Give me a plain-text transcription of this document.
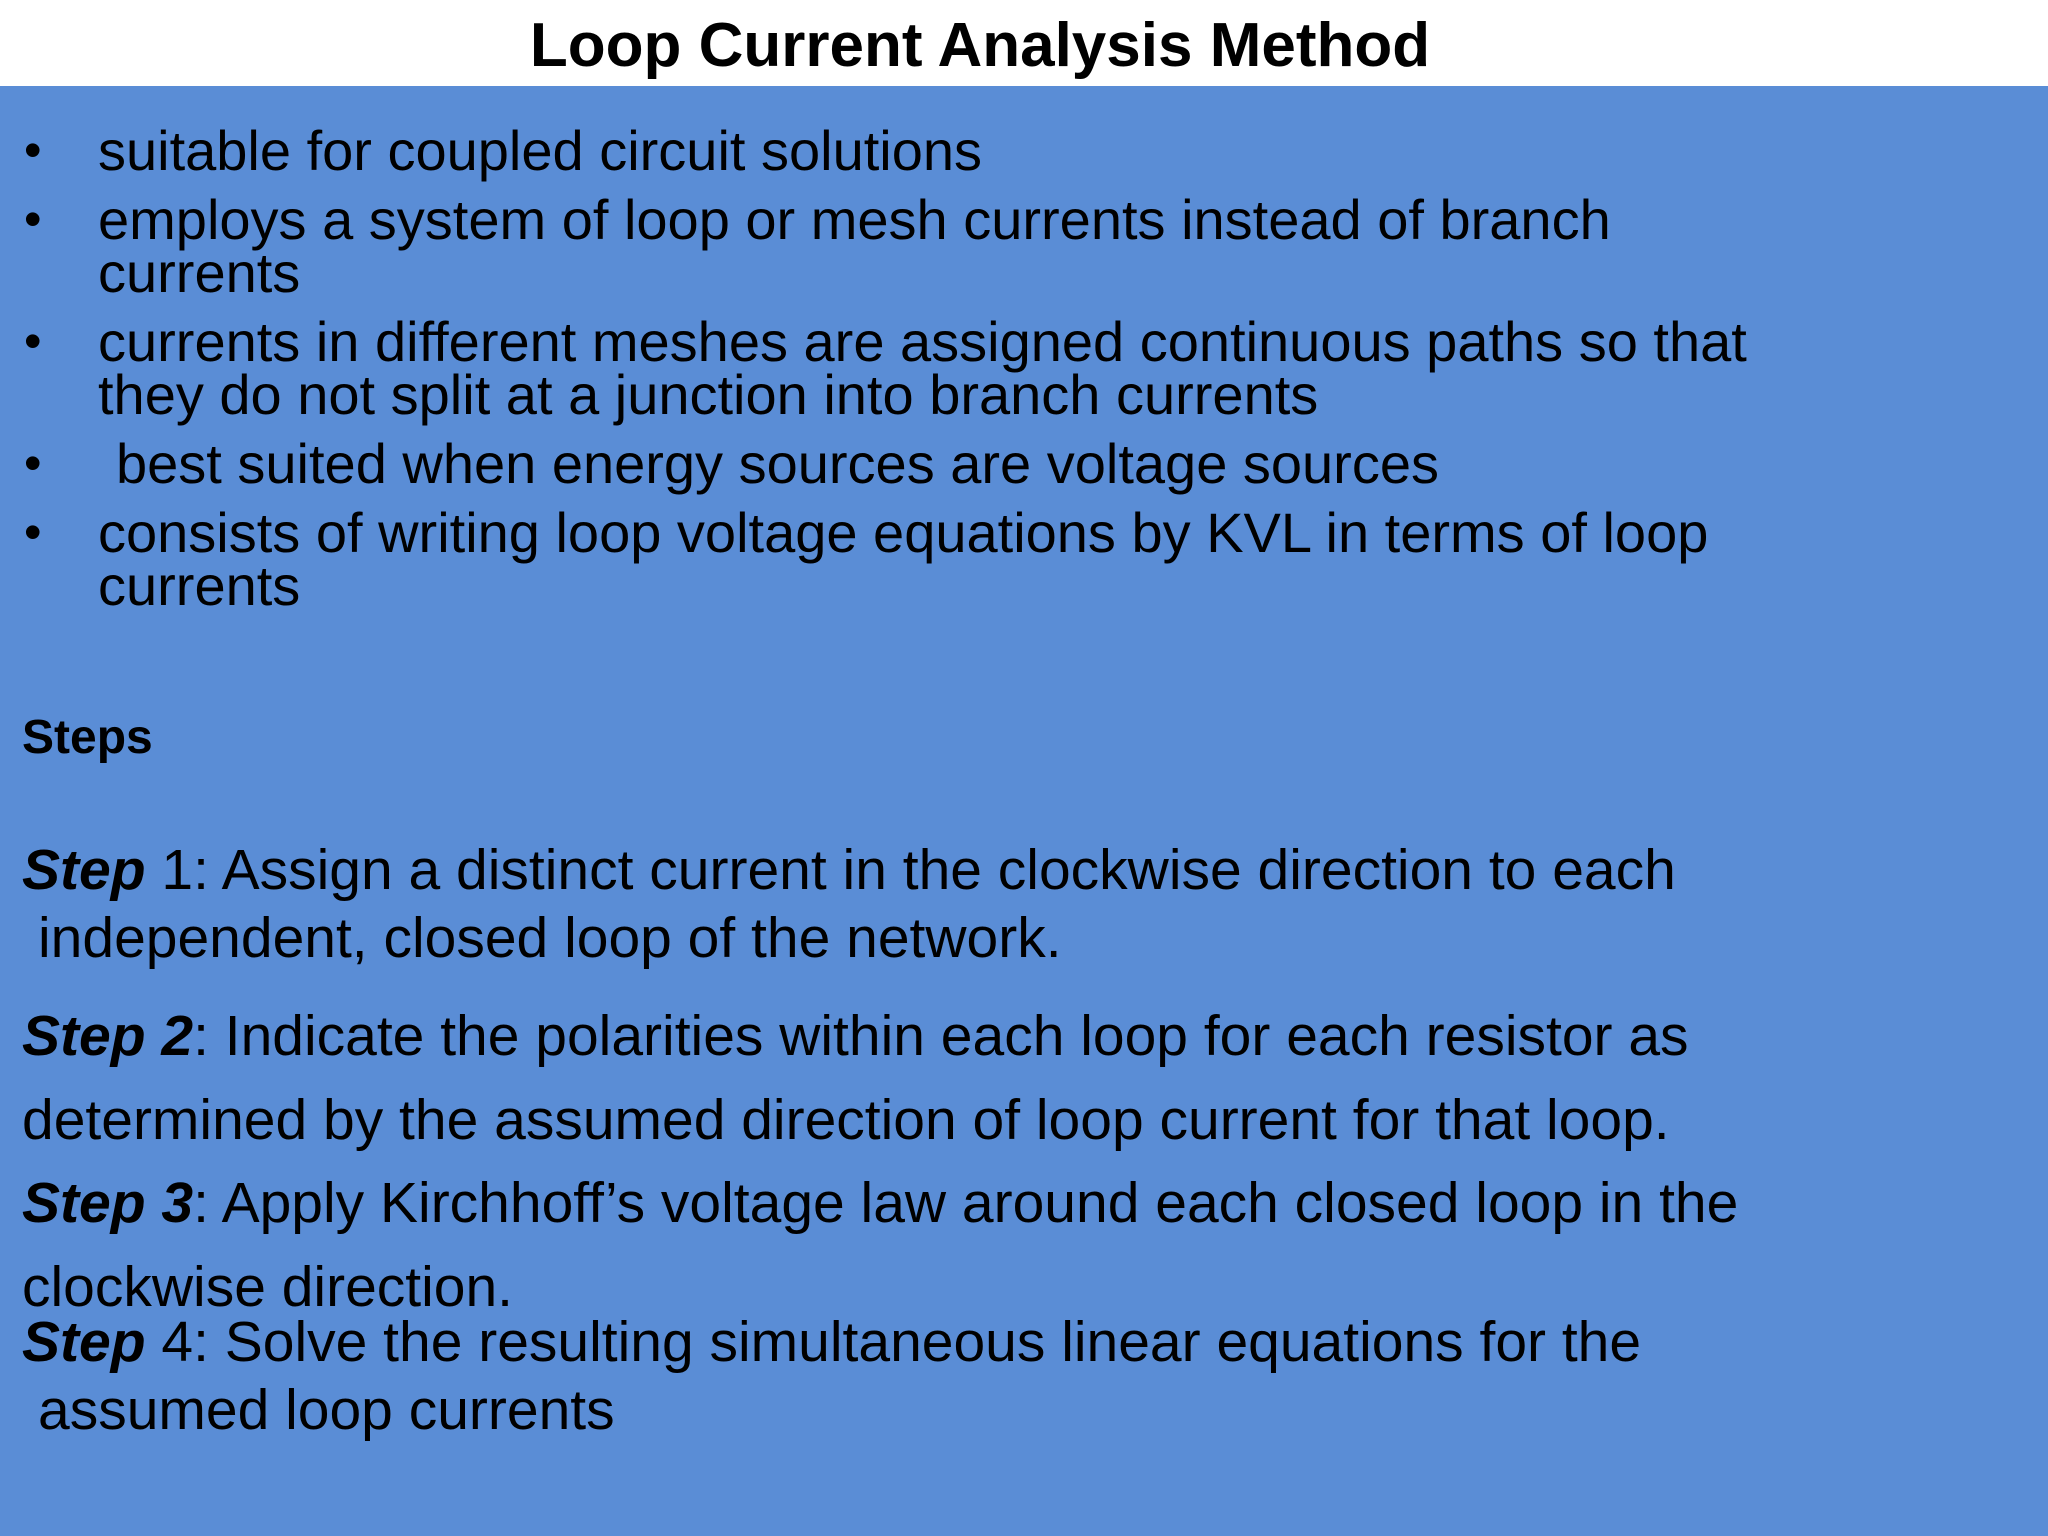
Loop Current Analysis Method
• suitable for coupled circuit solutions
• employs a system of loop or mesh currents instead of branch
currents
• currents in different meshes are assigned continuous paths so that
they do not split at a junction into branch currents
• best suited when energy sources are voltage sources
• consists of writing loop voltage equations by KVL in terms of loop
currents
Steps
Step 1: Assign a distinct current in the clockwise direction to each
independent, closed loop of the network.
Step 2: Indicate the polarities within each loop for each resistor as
determined by the assumed direction of loop current for that loop.
Step 3: Apply Kirchhoff’s voltage law around each closed loop in the
clockwise direction.
Step 4: Solve the resulting simultaneous linear equations for the
assumed loop currents
